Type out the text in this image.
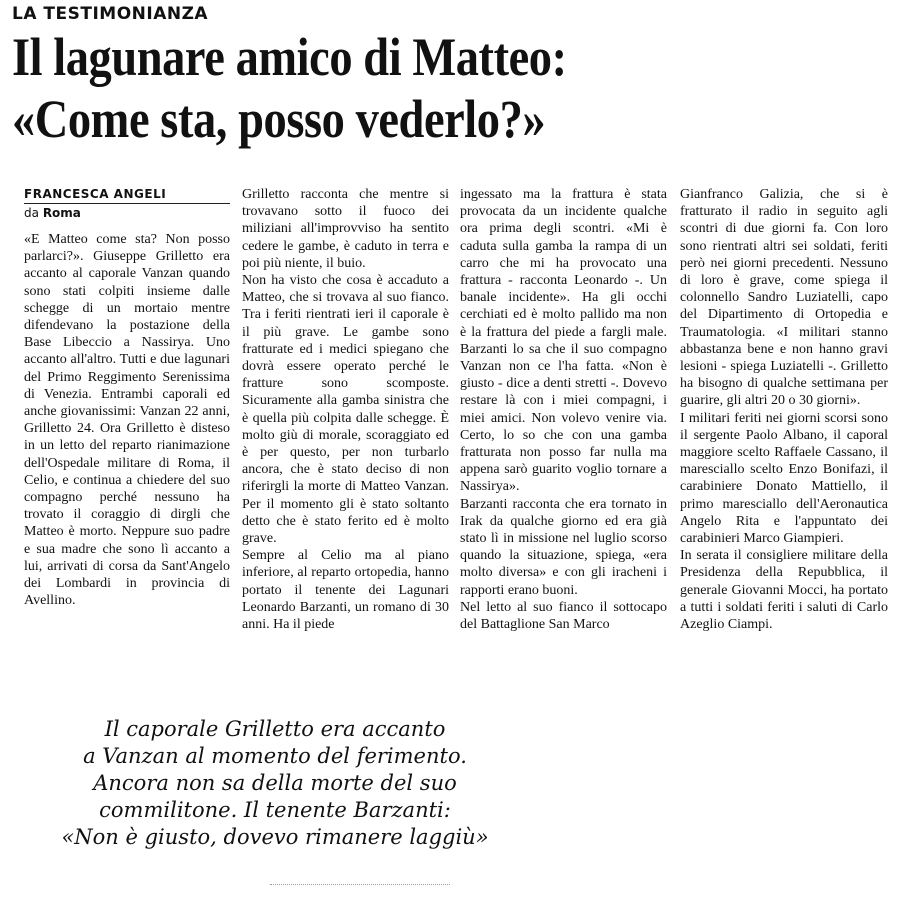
LA TESTIMONIANZA
Il lagunare amico di Matteo:
«Come sta, posso vederlo?»
FRANCESCA ANGELI
da Roma

«E Matteo come sta? Non posso parlarci?». Giuseppe Grilletto era accanto al caporale Vanzan quando sono stati colpiti insieme dalle schegge di un mortaio mentre difendevano la postazione della Base Libeccio a Nassirya. Uno accanto all'altro. Tutti e due lagunari del Primo Reggimento Serenissima di Venezia. Entrambi caporali ed anche giovanissimi: Vanzan 22 anni, Grilletto 24. Ora Grilletto è disteso in un letto del reparto rianimazione dell'Ospedale militare di Roma, il Celio, e continua a chiedere del suo compagno perché nessuno ha trovato il coraggio di dirgli che Matteo è morto. Neppure suo padre e sua madre che sono lì accanto a lui, arrivati di corsa da Sant'Angelo dei Lombardi in provincia di Avellino.

Grilletto racconta che mentre si trovavano sotto il fuoco dei miliziani all'improvviso ha sentito cedere le gambe, è caduto in terra e poi più niente, il buio.

Non ha visto che cosa è accaduto a Matteo, che si trovava al suo fianco. Tra i feriti rientrati ieri il caporale è il più grave. Le gambe sono fratturate ed i medici spiegano che dovrà essere operato perché le fratture sono scomposte. Sicuramente alla gamba sinistra che è quella più colpita dalle schegge. È molto giù di morale, scoraggiato ed è per questo, per non turbarlo ancora, che è stato deciso di non riferirgli la morte di Matteo Vanzan. Per il momento gli è stato soltanto detto che è stato ferito ed è molto grave.

Sempre al Celio ma al piano inferiore, al reparto ortopedia, hanno portato il tenente dei Lagunari Leonardo Barzanti, un romano di 30 anni. Ha il piede

ingessato ma la frattura è stata provocata da un incidente qualche ora prima degli scontri. «Mi è caduta sulla gamba la rampa di un carro che mi ha provocato una frattura - racconta Leonardo -. Un banale incidente». Ha gli occhi cerchiati ed è molto pallido ma non è la frattura del piede a fargli male. Barzanti lo sa che il suo compagno Vanzan non ce l'ha fatta. «Non è giusto - dice a denti stretti -. Dovevo restare là con i miei compagni, i miei amici. Non volevo venire via. Certo, lo so che con una gamba fratturata non posso far nulla ma appena sarò guarito voglio tornare a Nassirya».

Barzanti racconta che era tornato in Irak da qualche giorno ed era già stato lì in missione nel luglio scorso quando la situazione, spiega, «era molto diversa» e con gli iracheni i rapporti erano buoni.

Nel letto al suo fianco il sottocapo del Battaglione San Marco

Gianfranco Galizia, che si è fratturato il radio in seguito agli scontri di due giorni fa. Con loro sono rientrati altri sei soldati, feriti però nei giorni precedenti. Nessuno di loro è grave, come spiega il colonnello Sandro Luziatelli, capo del Dipartimento di Ortopedia e Traumatologia. «I militari stanno abbastanza bene e non hanno gravi lesioni - spiega Luziatelli -. Grilletto ha bisogno di qualche settimana per guarire, gli altri 20 o 30 giorni».

I militari feriti nei giorni scorsi sono il sergente Paolo Albano, il caporal maggiore scelto Raffaele Cassano, il maresciallo scelto Enzo Bonifazi, il carabiniere Donato Mattiello, il primo maresciallo dell'Aeronautica Angelo Rita e l'appuntato dei carabinieri Marco Giampieri.

In serata il consigliere militare della Presidenza della Repubblica, il generale Giovanni Mocci, ha portato a tutti i soldati feriti i saluti di Carlo Azeglio Ciampi.

Il caporale Grilletto era accanto
a Vanzan al momento del ferimento.
Ancora non sa della morte del suo
commilitone. Il tenente Barzanti:
«Non è giusto, dovevo rimanere laggiù»
